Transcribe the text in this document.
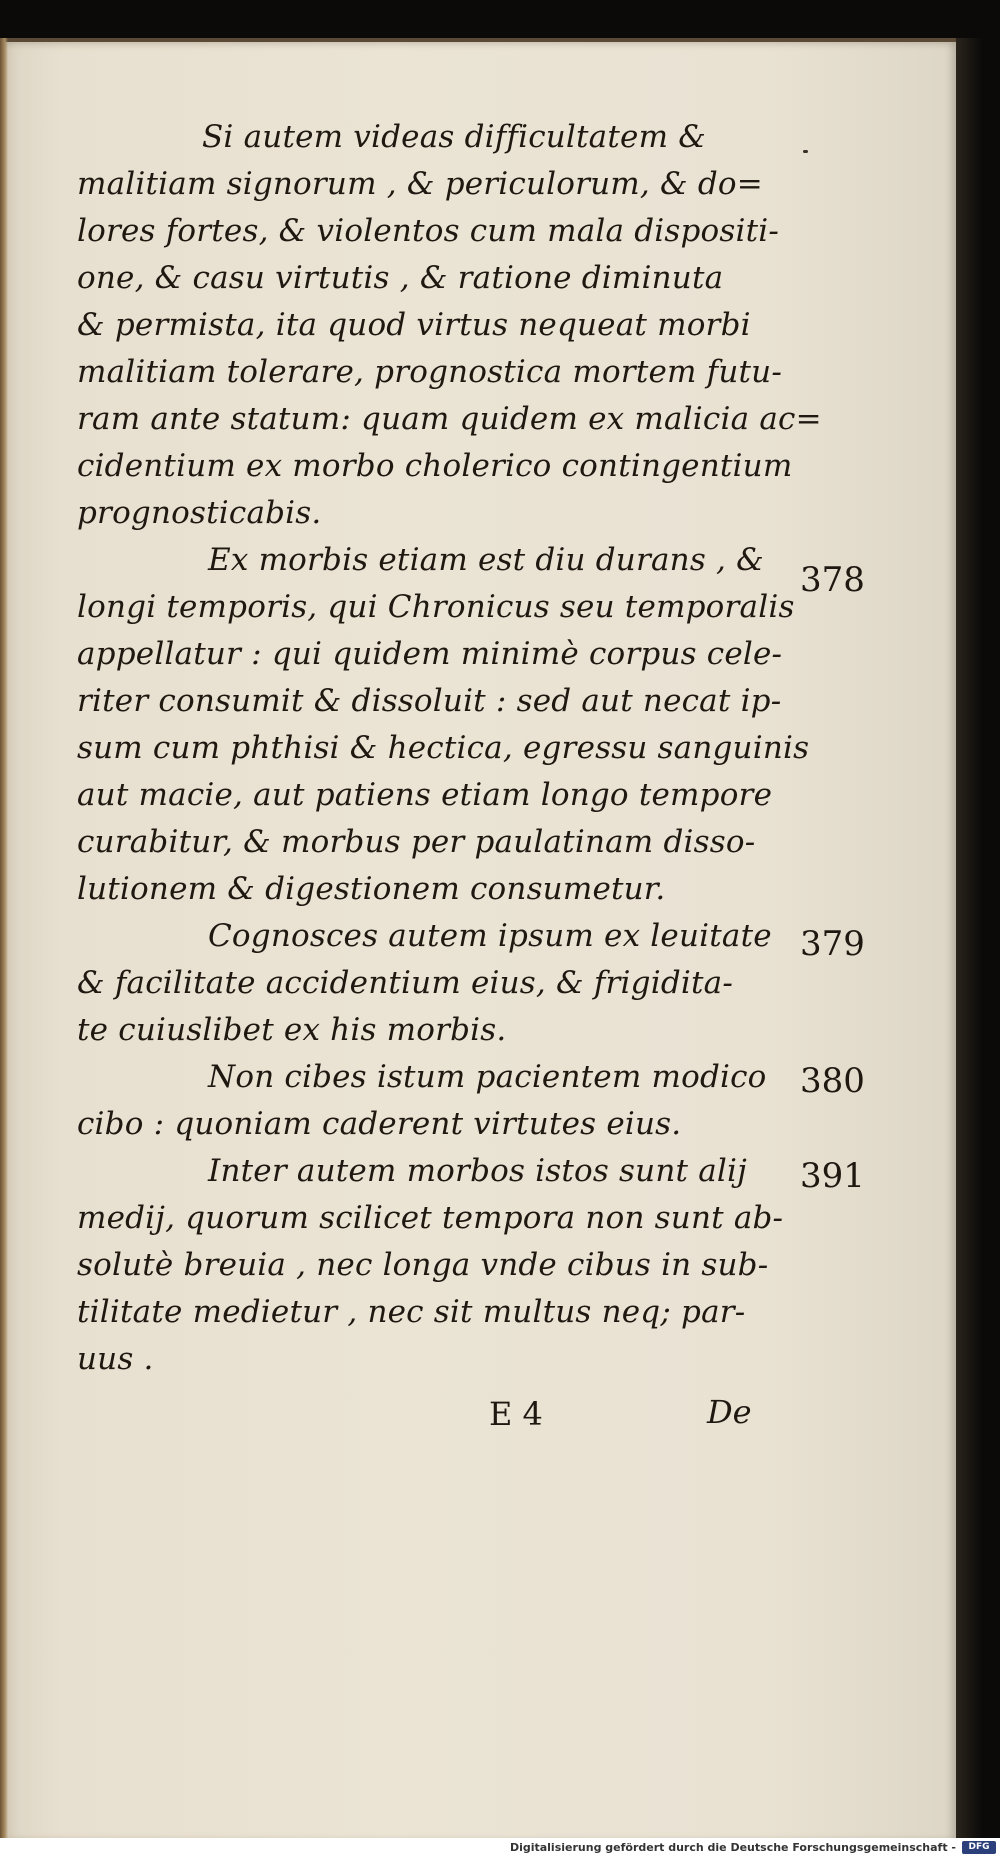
Si autem videas difficultatem &
malitiam signorum , & periculorum, & do=
lores fortes, & violentos cum mala dispositi-
one, & casu virtutis , & ratione diminuta
& permista, ita quod virtus nequeat morbi
malitiam tolerare, prognostica mortem futu-
ram ante statum: quam quidem ex malicia ac=
cidentium ex morbo cholerico contingentium
prognosticabis.
Ex morbis etiam est diu durans , &
longi temporis, qui Chronicus seu temporalis
appellatur : qui quidem minimè corpus cele-
riter consumit & dissoluit : sed aut necat ip-
sum cum phthisi & hectica, egressu sanguinis
aut macie, aut patiens etiam longo tempore
curabitur, & morbus per paulatinam disso-
lutionem & digestionem consumetur.
Cognosces autem ipsum ex leuitate
& facilitate accidentium eius, & frigidita-
te cuiuslibet ex his morbis.
Non cibes istum pacientem modico
cibo : quoniam caderent virtutes eius.
Inter autem morbos istos sunt alij
medij, quorum scilicet tempora non sunt ab-
solutè breuia , nec longa vnde cibus in sub-
tilitate medietur , nec sit multus neq; par-
uus .
378
379
380
391
E 4	De
Digitalisierung gefördert durch die Deutsche Forschungsgemeinschaft -	DFG
